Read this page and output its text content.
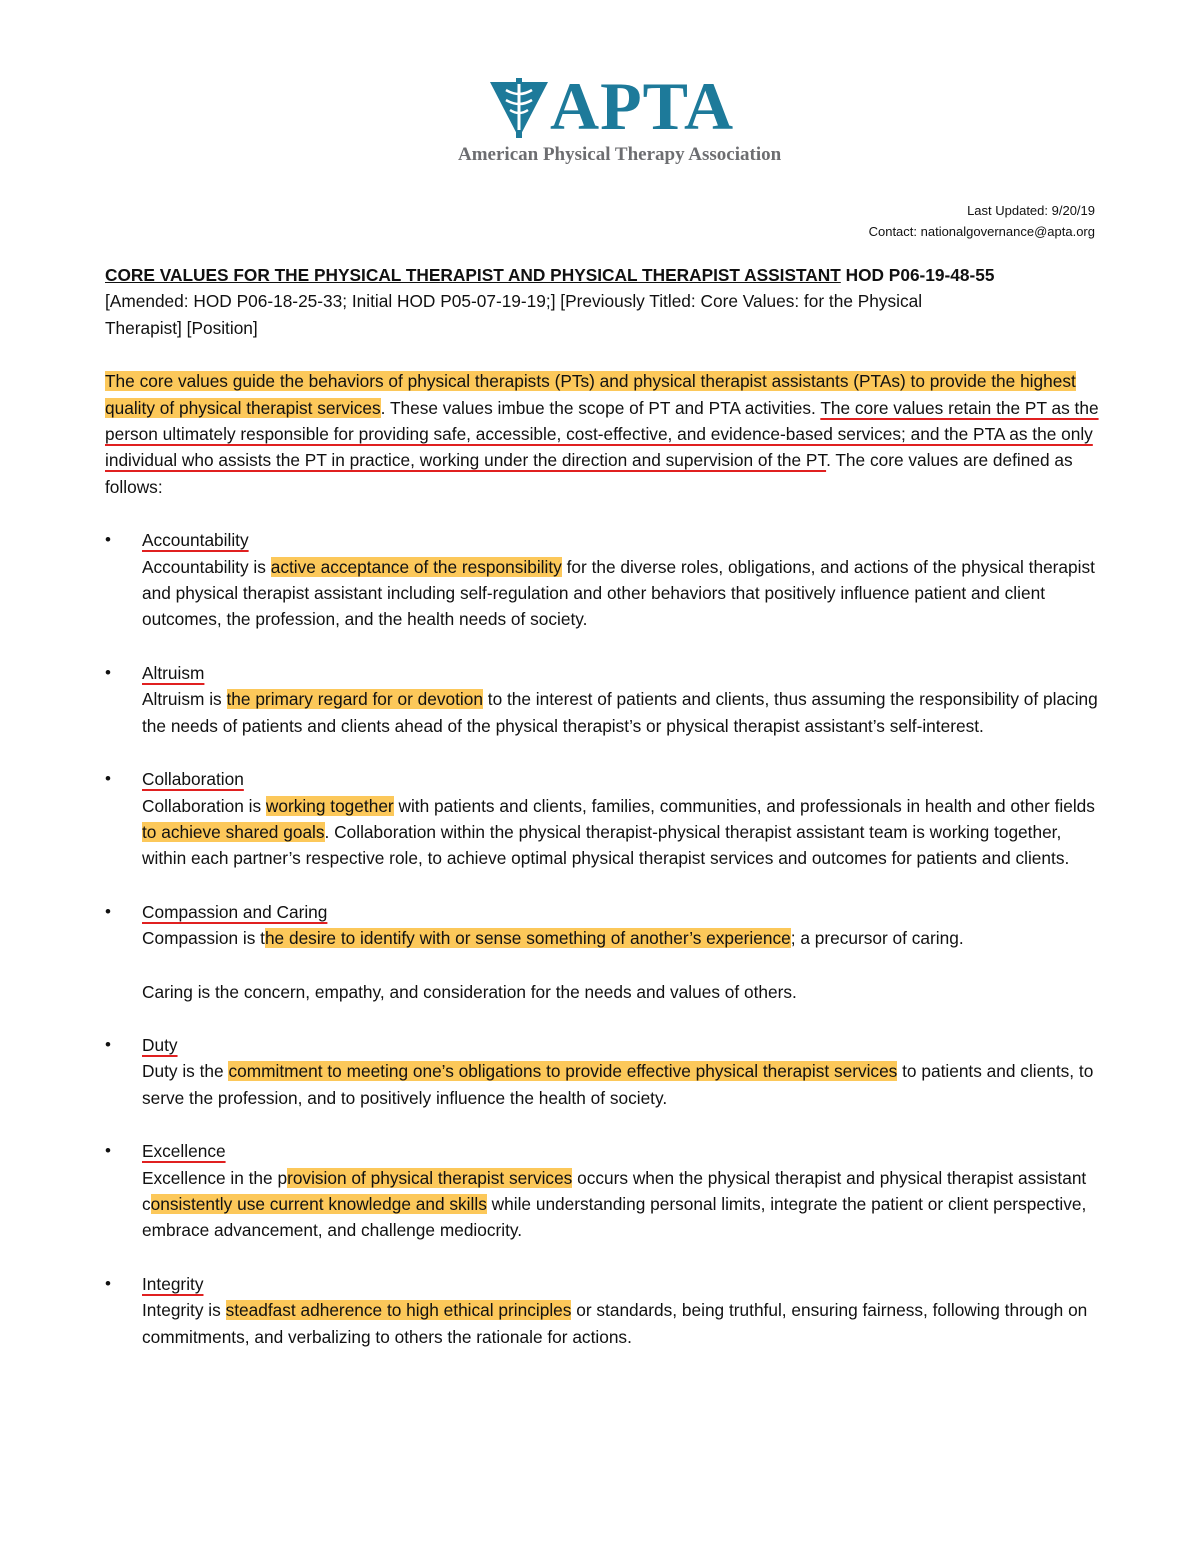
APTA
American Physical Therapy Association
Last Updated: 9/20/19
Contact: nationalgovernance@apta.org

CORE VALUES FOR THE PHYSICAL THERAPIST AND PHYSICAL THERAPIST ASSISTANT HOD P06-19-48-55
[Amended: HOD P06-18-25-33; Initial HOD P05-07-19-19;] [Previously Titled: Core Values: for the Physical
Therapist] [Position]

The core values guide the behaviors of physical therapists (PTs) and physical therapist assistants (PTAs) to provide the highest quality of physical therapist services. These values imbue the scope of PT and PTA activities. The core values retain the PT as the person ultimately responsible for providing safe, accessible, cost-effective, and evidence-based services; and the PTA as the only individual who assists the PT in practice, working under the direction and supervision of the PT. The core values are defined as follows:

• Accountability

Accountability is active acceptance of the responsibility for the diverse roles, obligations, and actions of the physical therapist and physical therapist assistant including self-regulation and other behaviors that positively influence patient and client outcomes, the profession, and the health needs of society.

• Altruism

Altruism is the primary regard for or devotion to the interest of patients and clients, thus assuming the responsibility of placing the needs of patients and clients ahead of the physical therapist’s or physical therapist assistant’s self-interest.

• Collaboration

Collaboration is working together with patients and clients, families, communities, and professionals in health and other fields to achieve shared goals. Collaboration within the physical therapist-physical therapist assistant team is working together, within each partner’s respective role, to achieve optimal physical therapist services and outcomes for patients and clients.

• Compassion and Caring

Compassion is the desire to identify with or sense something of another’s experience; a precursor of caring.

Caring is the concern, empathy, and consideration for the needs and values of others.

• Duty

Duty is the commitment to meeting one’s obligations to provide effective physical therapist services to patients and clients, to serve the profession, and to positively influence the health of society.

• Excellence

Excellence in the provision of physical therapist services occurs when the physical therapist and physical therapist assistant consistently use current knowledge and skills while understanding personal limits, integrate the patient or client perspective, embrace advancement, and challenge mediocrity.

• Integrity

Integrity is steadfast adherence to high ethical principles or standards, being truthful, ensuring fairness, following through on commitments, and verbalizing to others the rationale for actions.
